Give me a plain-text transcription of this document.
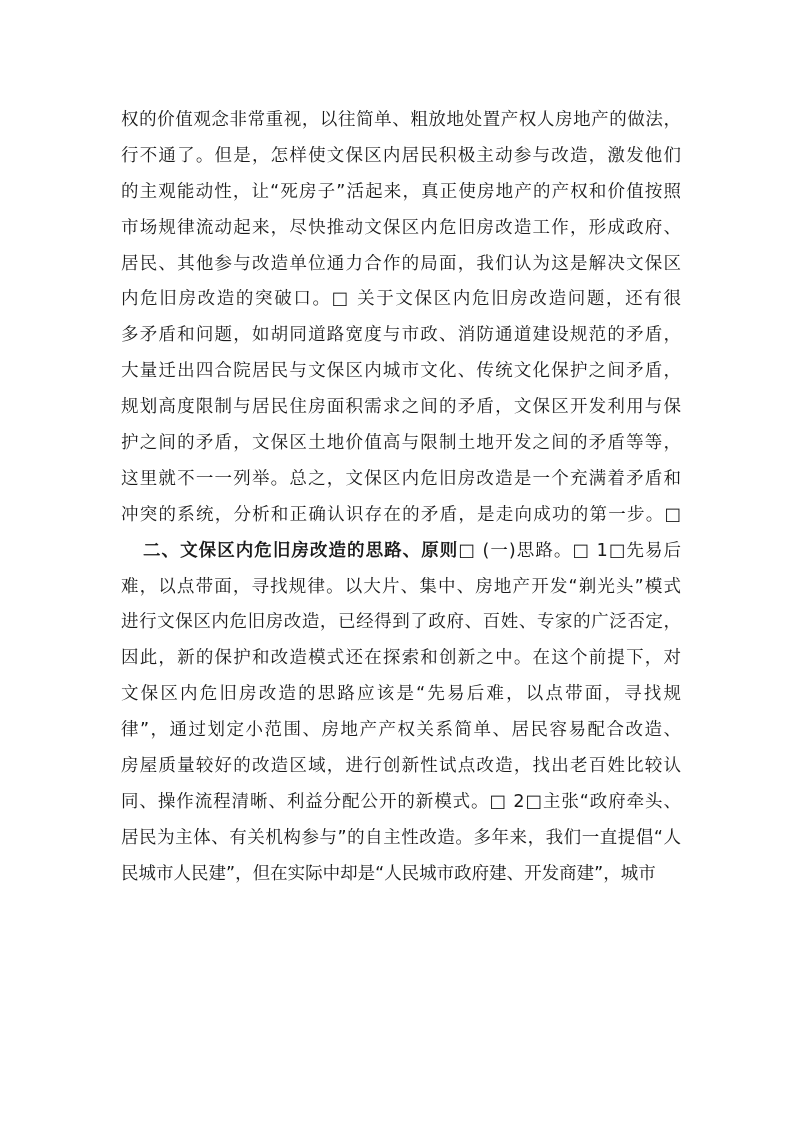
权的价值观念非常重视，以往简单、粗放地处置产权人房地产的做法，
行不通了。但是，怎样使文保区内居民积极主动参与改造，激发他们
的主观能动性，让“死房子”活起来，真正使房地产的产权和价值按照
市场规律流动起来，尽快推动文保区内危旧房改造工作，形成政府、
居民、其他参与改造单位通力合作的局面，我们认为这是解决文保区
内危旧房改造的突破口。□ 关于文保区内危旧房改造问题，还有很
多矛盾和问题，如胡同道路宽度与市政、消防通道建设规范的矛盾，
大量迁出四合院居民与文保区内城市文化、传统文化保护之间矛盾，
规划高度限制与居民住房面积需求之间的矛盾，文保区开发利用与保
护之间的矛盾，文保区土地价值高与限制土地开发之间的矛盾等等，
这里就不一一列举。总之，文保区内危旧房改造是一个充满着矛盾和
冲突的系统，分析和正确认识存在的矛盾，是走向成功的第一步。□
二、文保区内危旧房改造的思路、原则□ (一)思路。□ 1□先易后
难，以点带面，寻找规律。以大片、集中、房地产开发“剃光头”模式
进行文保区内危旧房改造，已经得到了政府、百姓、专家的广泛否定，
因此，新的保护和改造模式还在探索和创新之中。在这个前提下，对
文保区内危旧房改造的思路应该是“先易后难，以点带面，寻找规
律”，通过划定小范围、房地产产权关系简单、居民容易配合改造、
房屋质量较好的改造区域，进行创新性试点改造，找出老百姓比较认
同、操作流程清晰、利益分配公开的新模式。□ 2□主张“政府牵头、
居民为主体、有关机构参与”的自主性改造。多年来，我们一直提倡“人
民城市人民建”，但在实际中却是“人民城市政府建、开发商建”，城市
